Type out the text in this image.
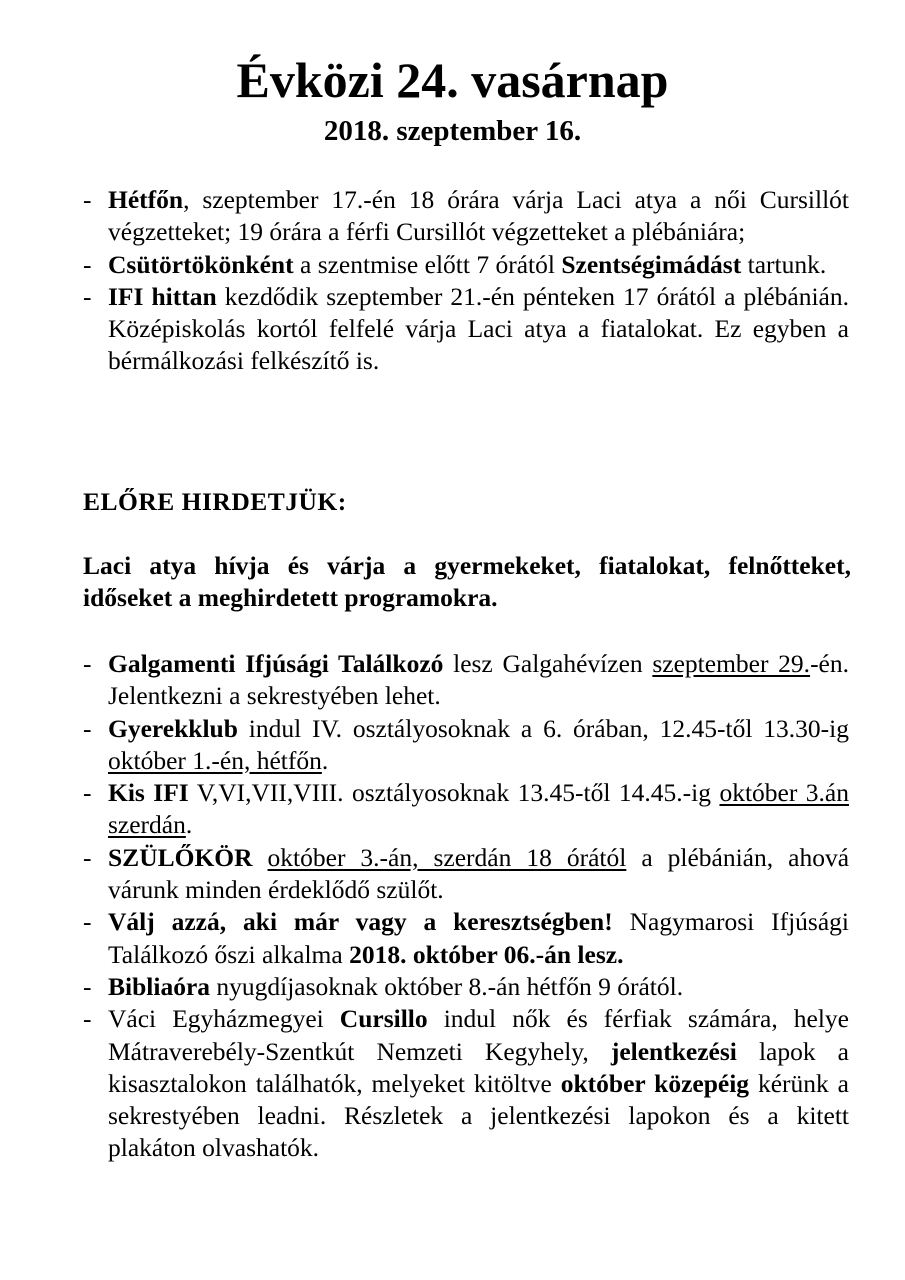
Évközi 24. vasárnap
2018. szeptember 16.
- Hétfőn, szeptember 17.-én 18 órára várja Laci atya a női Cursillót végzetteket; 19 órára a férfi Cursillót végzetteket a plébániára;
- Csütörtökönként a szentmise előtt 7 órától Szentségimádást tartunk.
- IFI hittan kezdődik szeptember 21.-én pénteken 17 órától a plébánián. Középiskolás kortól felfelé várja Laci atya a fiatalokat. Ez egyben a bérmálkozási felkészítő is.
ELŐRE HIRDETJÜK:
Laci atya hívja és várja a gyermekeket, fiatalokat, felnőtteket, időseket a meghirdetett programokra.
- Galgamenti Ifjúsági Találkozó lesz Galgahévízen szeptember 29.-én. Jelentkezni a sekrestyében lehet.
- Gyerekklub indul IV. osztályosoknak a 6. órában, 12.45-től 13.30-ig október 1.-én, hétfőn.
- Kis IFI V,VI,VII,VIII. osztályosoknak 13.45-től 14.45.-ig október 3.án szerdán.
- SZÜLŐKÖR október 3.-án, szerdán 18 órától a plébánián, ahová várunk minden érdeklődő szülőt.
- Válj azzá, aki már vagy a keresztségben! Nagymarosi Ifjúsági Találkozó őszi alkalma 2018. október 06.-án lesz.
- Bibliaóra nyugdíjasoknak október 8.-án hétfőn 9 órától.
- Váci Egyházmegyei Cursillo indul nők és férfiak számára, helye Mátraverebély-Szentkút Nemzeti Kegyhely, jelentkezési lapok a kisasztalokon találhatók, melyeket kitöltve október közepéig kérünk a sekrestyében leadni. Részletek a jelentkezési lapokon és a kitett plakáton olvashatók.
